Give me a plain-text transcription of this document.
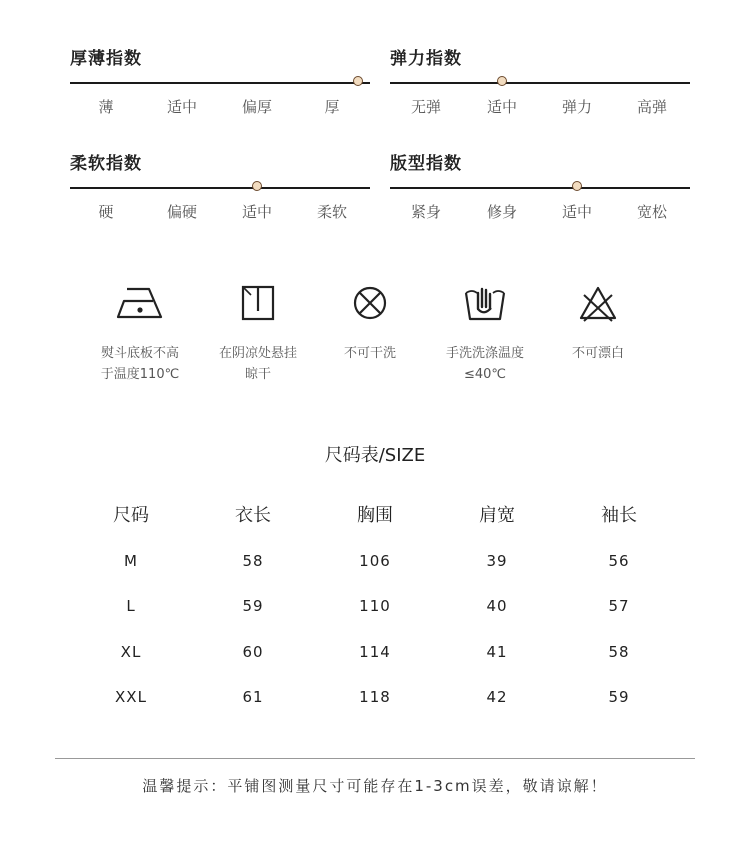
厚薄指数
薄	适中	偏厚	厚
弹力指数
无弹	适中	弹力	高弹
柔软指数
硬	偏硬	适中	柔软
版型指数
紧身	修身	适中	宽松
熨斗底板不高
于温度110℃
在阴凉处悬挂
晾干
不可干洗	手洗洗涤温度
≤40℃
不可漂白

尺码表/SIZE
尺码	衣长	胸围	肩宽	袖长
M	58	106	39	56
L	59	110	40	57
XL	60	114	41	58
XXL	61	118	42	59
温馨提示：平铺图测量尺寸可能存在1-3cm误差，敬请谅解！
